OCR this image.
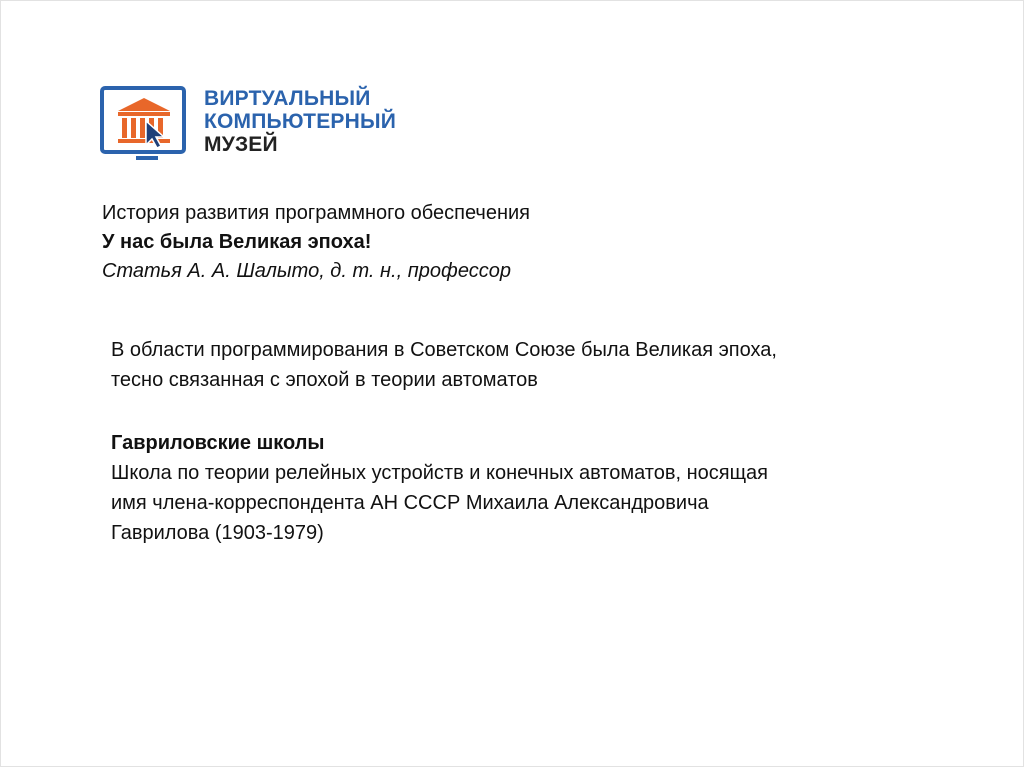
ВИРТУАЛЬНЫЙ
КОМПЬЮТЕРНЫЙ
МУЗЕЙ
История развития программного обеспечения
У нас была Великая эпоха!
Статья А. А. Шалыто, д. т. н., профессор

В области программирования в Советском Союзе была Великая эпоха,

тесно связанная с эпохой в теории автоматов

Гавриловские школы

Школа по теории релейных устройств и конечных автоматов, носящая

имя члена-корреспондента АН СССР Михаила Александровича

Гаврилова (1903-1979)
